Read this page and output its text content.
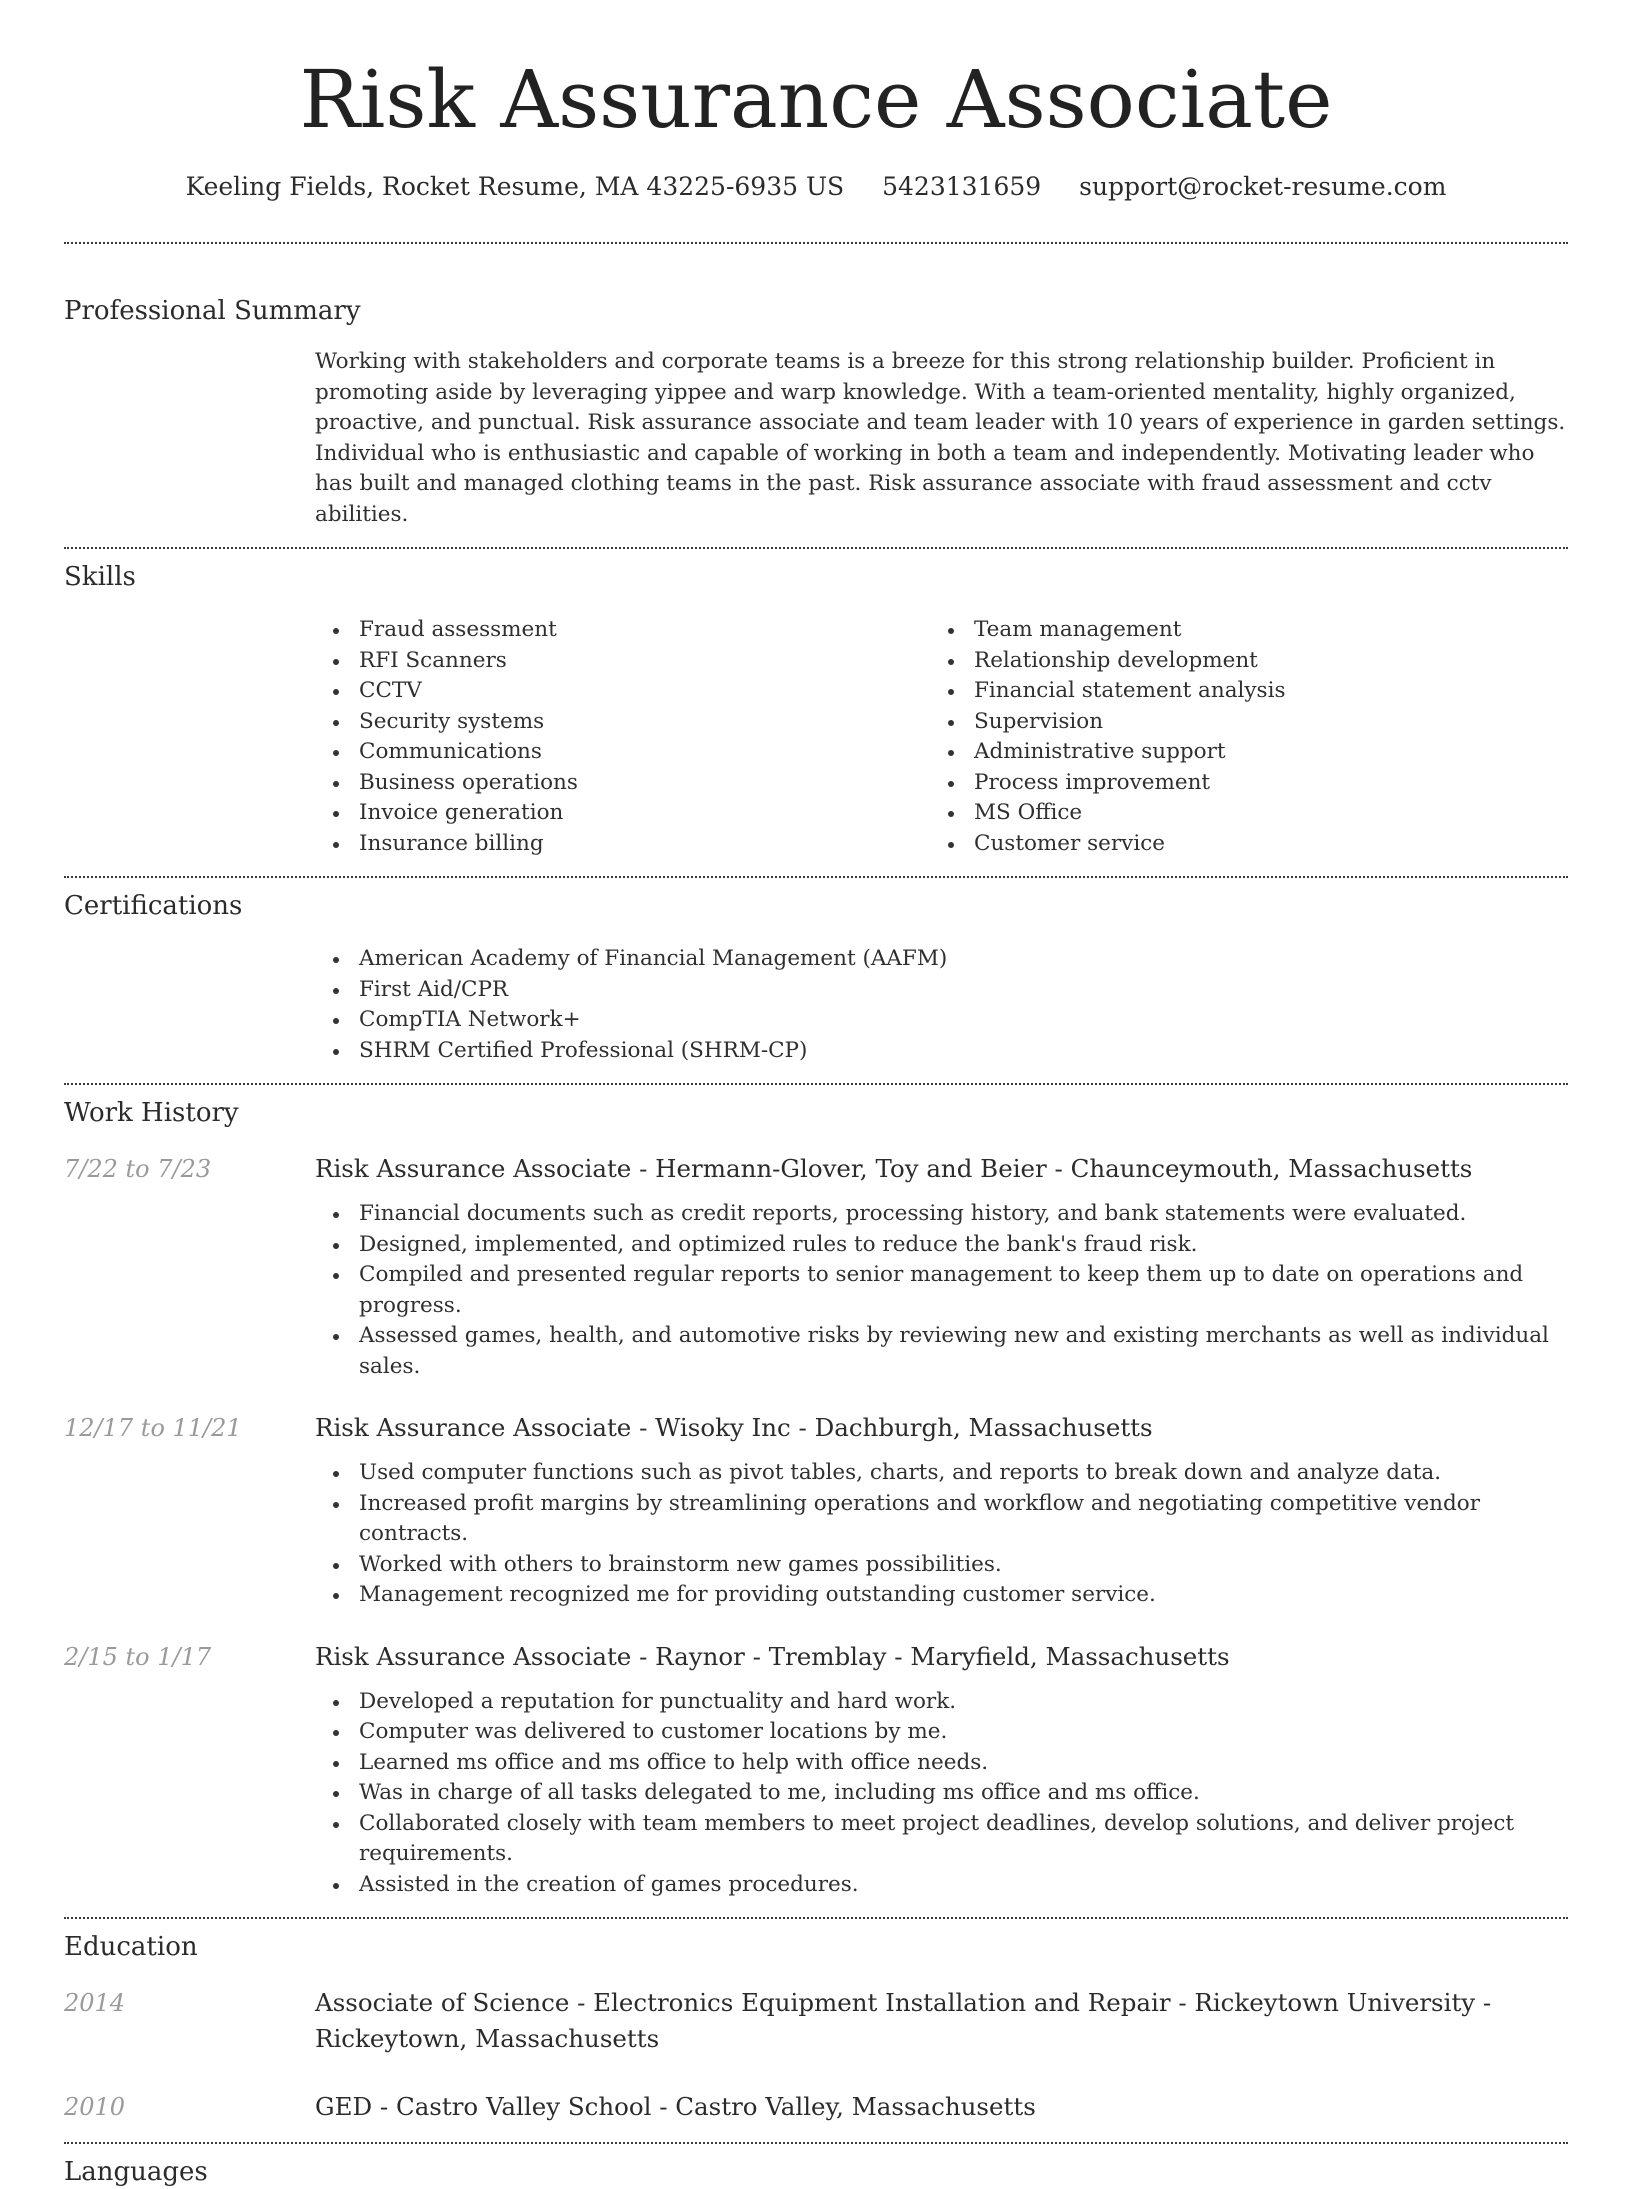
Risk Assurance Associate
Keeling Fields, Rocket Resume, MA 43225-6935 US 5423131659 support@rocket-resume.com
Professional Summary
Working with stakeholders and corporate teams is a breeze for this strong relationship builder. Proficient in promoting aside by leveraging yippee and warp knowledge. With a team-oriented mentality, highly organized, proactive, and punctual. Risk assurance associate and team leader with 10 years of experience in garden settings. Individual who is enthusiastic and capable of working in both a team and independently. Motivating leader who has built and managed clothing teams in the past. Risk assurance associate with fraud assessment and cctv abilities.
Skills
Fraud assessment
RFI Scanners
CCTV
Security systems
Communications
Business operations
Invoice generation
Insurance billing
Team management
Relationship development
Financial statement analysis
Supervision
Administrative support
Process improvement
MS Office
Customer service
Certifications
American Academy of Financial Management (AAFM)
First Aid/CPR
CompTIA Network+
SHRM Certified Professional (SHRM-CP)
Work History
7/22 to 7/23	Risk Assurance Associate - Hermann-Glover, Toy and Beier - Chaunceymouth, Massachusetts
Financial documents such as credit reports, processing history, and bank statements were evaluated.
Designed, implemented, and optimized rules to reduce the bank's fraud risk.
Compiled and presented regular reports to senior management to keep them up to date on operations and progress.
Assessed games, health, and automotive risks by reviewing new and existing merchants as well as individual sales.
12/17 to 11/21	Risk Assurance Associate - Wisoky Inc - Dachburgh, Massachusetts
Used computer functions such as pivot tables, charts, and reports to break down and analyze data.
Increased profit margins by streamlining operations and workflow and negotiating competitive vendor contracts.
Worked with others to brainstorm new games possibilities.
Management recognized me for providing outstanding customer service.
2/15 to 1/17	Risk Assurance Associate - Raynor - Tremblay - Maryfield, Massachusetts
Developed a reputation for punctuality and hard work.
Computer was delivered to customer locations by me.
Learned ms office and ms office to help with office needs.
Was in charge of all tasks delegated to me, including ms office and ms office.
Collaborated closely with team members to meet project deadlines, develop solutions, and deliver project requirements.
Assisted in the creation of games procedures.
Education
2014	Associate of Science - Electronics Equipment Installation and Repair - Rickeytown University - Rickeytown, Massachusetts
2010	GED - Castro Valley School - Castro Valley, Massachusetts
Languages
